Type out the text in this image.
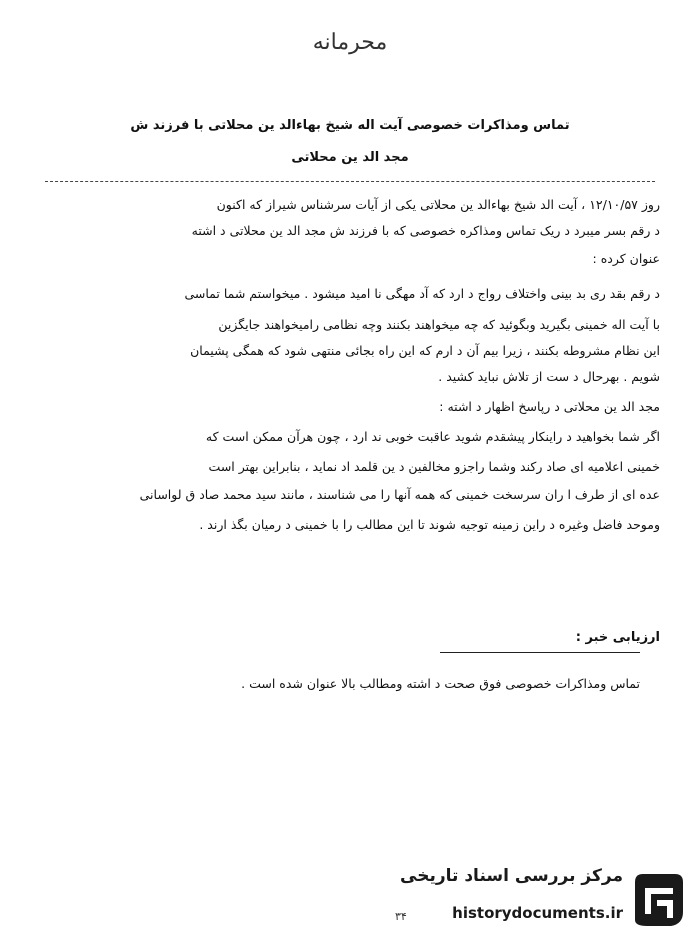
محرمانه
تماس ومذاکرات خصوصی آیت اله شیخ بهاءالد ین محلاتی با فرزند ش
مجد الد ین محلاتی
روز ۱۲/۱۰/۵۷ ، آیت الد شیخ بهاءالد ین محلاتی یکی از آیات سرشناس شیراز که اکنون
د رقم بسر میبرد د ریک تماس ومذاکره خصوصی که با فرزند ش مجد الد ین محلاتی د اشته
عنوان کرده :
د رقم بقد ری بد بینی واختلاف رواج د ارد که آد مهگی نا امید میشود . میخواستم شما تماسی
با آیت اله خمینی بگیرید وبگوئید که چه میخواهند بکنند وچه نظامی رامیخواهند جایگزین
این نظام مشروطه بکنند ، زیرا بیم آن د ارم که این راه بجائی منتهی شود که همگی پشیمان
شویم . بهرحال د ست از تلاش نباید کشید .
مجد الد ین محلاتی د رپاسخ اظهار د اشته :
اگر شما بخواهید د راینکار پیشقدم شوید عاقبت خوبی ند ارد ، چون هرآن ممکن است که
خمینی اعلامیه ای صاد رکند وشما راجزو مخالفین د ین قلمد اد نماید ، بنابراین بهتر است
عده ای از طرف ا ران سرسخت خمینی که همه آنها را می شناسند ، مانند سید محمد صاد ق لواسانی
وموحد فاضل وغیره د راین زمینه توجیه شوند تا این مطالب را با خمینی د رمیان بگذ ارند .
ارزیابی خبر :
تماس ومذاکرات خصوصی فوق صحت د اشته ومطالب بالا عنوان شده است .
۳۴
مرکز بررسی اسناد تاریخی
historydocuments.ir
